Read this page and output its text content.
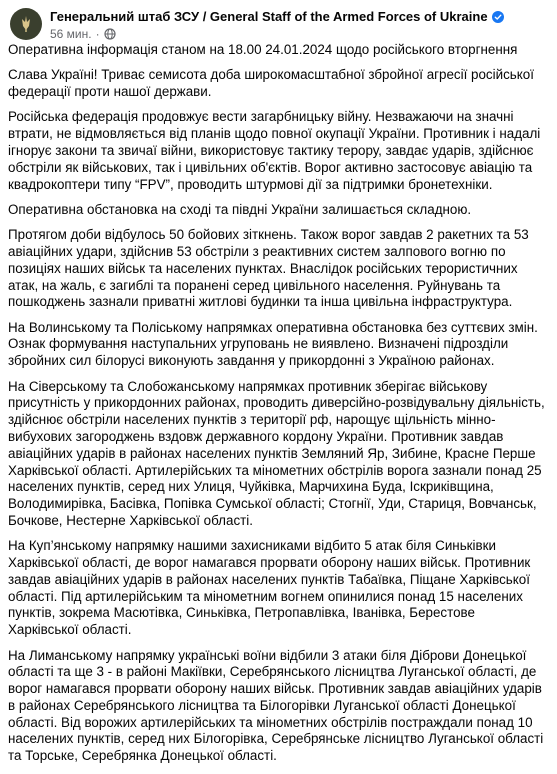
Генеральний штаб ЗСУ / General Staff of the Armed Forces of Ukraine
56 мин. ·

Оперативна інформація станом на 18.00 24.01.2024 щодо російського вторгнення

Слава Україні! Триває семисота доба широкомасштабної збройної агресії російської федерації проти нашої держави.

Російська федерація продовжує вести загарбницьку війну. Незважаючи на значні втрати, не відмовляється від планів щодо повної окупації України. Противник і надалі ігнорує закони та звичаї війни, використовує тактику терору, завдає ударів, здійснює обстріли як військових, так і цивільних об'єктів. Ворог активно застосовує авіацію та квадрокоптери типу “FPV”, проводить штурмові дії за підтримки бронетехніки.

Оперативна обстановка на сході та півдні України залишається складною.

Протягом доби відбулось 50 бойових зіткнень. Також ворог завдав 2 ракетних та 53 авіаційних удари, здійснив 53 обстріли з реактивних систем залпового вогню по позиціях наших військ та населених пунктах. Внаслідок російських терористичних атак, на жаль, є загиблі та поранені серед цивільного населення. Руйнувань та пошкоджень зазнали приватні житлові будинки та інша цивільна інфраструктура.

На Волинському та Поліському напрямках оперативна обстановка без суттєвих змін. Ознак формування наступальних угруповань не виявлено. Визначені підрозділи збройних сил білорусі виконують завдання у прикордонні з Україною районах.

На Сіверському та Слобожанському напрямках противник зберігає військову присутність у прикордонних районах, проводить диверсійно-розвідувальну діяльність, здійснює обстріли населених пунктів з території рф, нарощує щільність мінно-вибухових загороджень вздовж державного кордону України. Противник завдав авіаційних ударів в районах населених пунктів Земляний Яр, Зибине, Красне Перше Харківської області. Артилерійських та мінометних обстрілів ворога зазнали понад 25 населених пунктів, серед них Улиця, Чуйківка, Марчихина Буда, Іскриківщина, Володимирівка, Басівка, Попівка Сумської області; Стогнії, Уди, Стариця, Вовчанськ, Бочкове, Нестерне Харківської області.

На Куп’янському напрямку нашими захисниками відбито 5 атак біля Синьківки Харківської області, де ворог намагався прорвати оборону наших військ. Противник завдав авіаційних ударів в районах населених пунктів Табаївка, Піщане Харківської області. Під артилерійським та мінометним вогнем опинилися понад 15 населених пунктів, зокрема Масютівка, Синьківка, Петропавлівка, Іванівка, Берестове Харківської області.

На Лиманському напрямку українські воїни відбили 3 атаки біля Діброви Донецької області та ще 3 - в районі Макіївки, Серебрянського лісництва Луганської області, де ворог намагався прорвати оборону наших військ. Противник завдав авіаційних ударів в районах Серебрянського лісництва та Білогорівки Луганської області Донецької області. Від ворожих артилерійських та мінометних обстрілів постраждали понад 10 населених пунктів, серед них Білогорівка, Серебрянське лісництво Луганської області та Торське, Серебрянка Донецької області.
